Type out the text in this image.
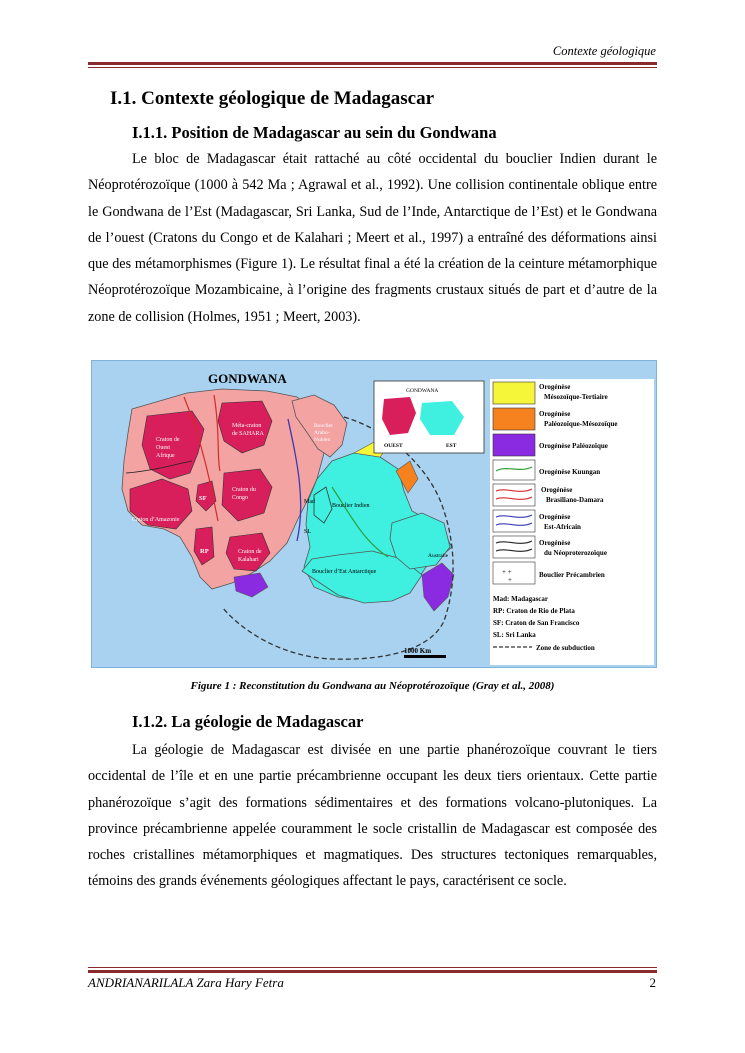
Contexte géologique
I.1. Contexte géologique de Madagascar
I.1.1. Position de Madagascar au sein du Gondwana

Le bloc de Madagascar était rattaché au côté occidental du bouclier Indien durant le Néoprotérozoïque (1000 à 542 Ma ; Agrawal et al., 1992). Une collision continentale oblique entre le Gondwana de l’Est (Madagascar, Sri Lanka, Sud de l’Inde, Antarctique de l’Est) et le Gondwana de l’ouest (Cratons du Congo et de Kalahari ; Meert et al., 1997) a entraîné des déformations ainsi que des métamorphismes (Figure 1). Le résultat final a été la création de la ceinture métamorphique Néoprotérozoïque Mozambicaine, à l’origine des fragments crustaux situés de part et d’autre de la zone de collision (Holmes, 1951 ; Meert, 2003).

GONDWANA
Craton de
Ouest
Afrique
Méta-craton
de SAHARA
Bouclier
Arabo-
Nubien
Craton d’Amazonie
Craton du
Congo
Craton de
Kalahari
SF
RP
Mad
SL
Bouclier Indien
Bouclier d’Est Antarctique
Australie
1000 Km
GONDWANA
OUEST	EST
Orogénèse
Mésozoïque-Tertiaire
Orogénèse
Paléozoïque-Mésozoïque
Orogénèse Paléozoïque
Orogénèse Kuungan
Orogénèse
Brasiliano-Damara
Orogénèse
Est-Africain
Orogénèse
du Néoproterozoïque
+ +
+
Bouclier Précambrien
Mad: Madagascar
RP: Craton de Rio de Plata
SF: Craton de San Francisco
SL: Sri Lanka
Zone de subduction
Figure 1 : Reconstitution du Gondwana au Néoprotérozoïque (Gray et al., 2008)
I.1.2. La géologie de Madagascar

La géologie de Madagascar est divisée en une partie phanérozoïque couvrant le tiers occidental de l’île et en une partie précambrienne occupant les deux tiers orientaux. Cette partie phanérozoïque s’agit des formations sédimentaires et des formations volcano-plutoniques. La province précambrienne appelée couramment le socle cristallin de Madagascar est composée des roches cristallines métamorphiques et magmatiques. Des structures tectoniques remarquables, témoins des grands événements géologiques affectant le pays, caractérisent ce socle.

ANDRIANARILALA Zara Hary Fetra	2
